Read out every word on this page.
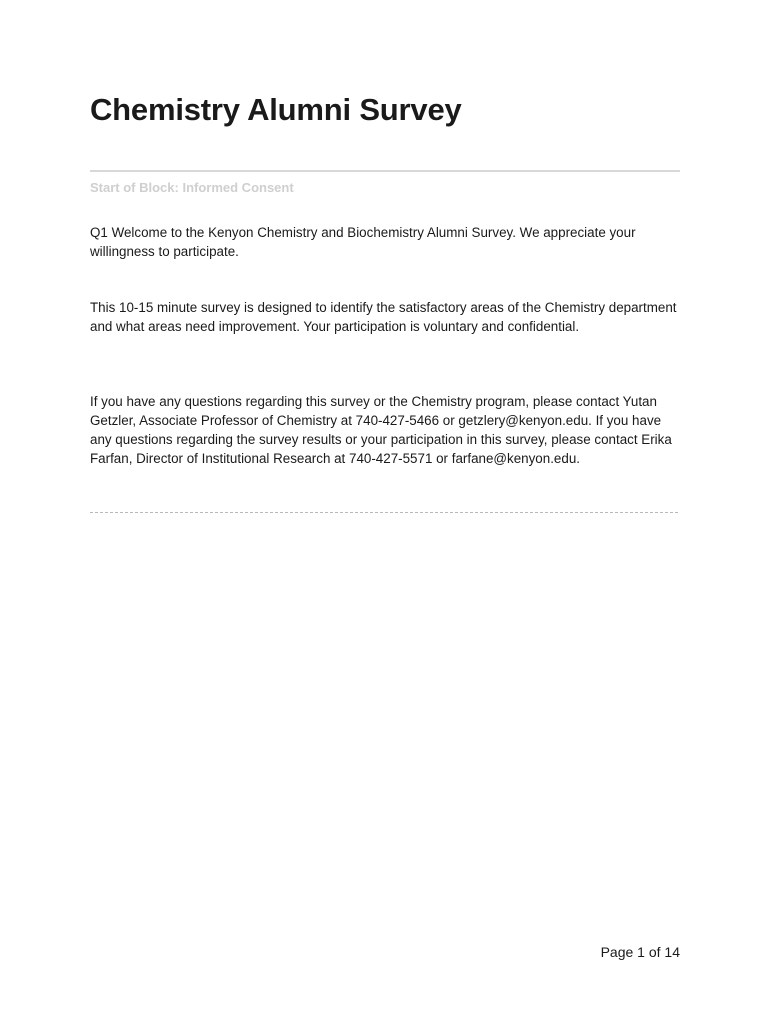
Chemistry Alumni Survey
Start of Block: Informed Consent

Q1 Welcome to the Kenyon Chemistry and Biochemistry Alumni Survey. We appreciate your willingness to participate.

This 10-15 minute survey is designed to identify the satisfactory areas of the Chemistry department and what areas need improvement. Your participation is voluntary and confidential.

If you have any questions regarding this survey or the Chemistry program, please contact Yutan Getzler, Associate Professor of Chemistry at 740-427-5466 or getzlery@kenyon.edu. If you have any questions regarding the survey results or your participation in this survey, please contact Erika Farfan, Director of Institutional Research at 740-427-5571 or farfane@kenyon.edu.

Page 1 of 14
